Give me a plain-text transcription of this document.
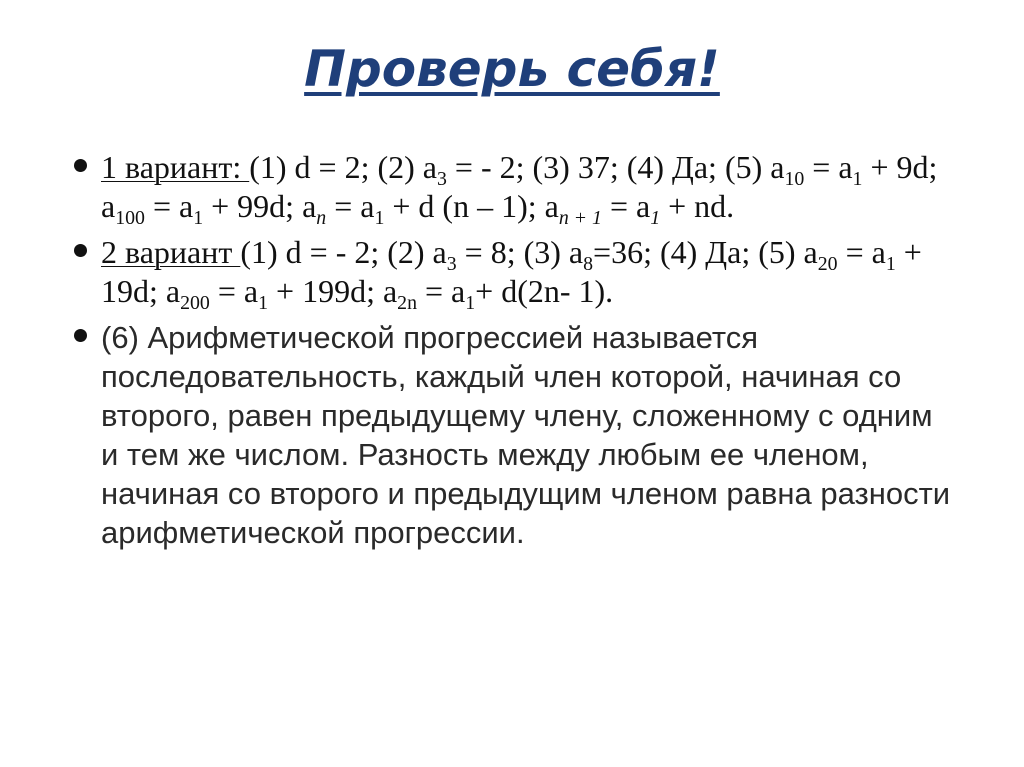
Проверь себя!
1 вариант: (1) d = 2; (2) $a_3$ = - 2; (3) 37; (4) Да; (5) $a_{10} = a_1 + 9d$; $a_{100} = a_1 + 99d$; $a_n = a_1 + d$ (n – 1); $a_{n + 1} = a_1$ + nd.
2 вариант (1) d = - 2; (2) $a_3 = 8$; (3) $a_8=36$; (4) Да; (5) $a_{20} = a_1 + 19d$; $a_{200} = a_1 + 199d$; $a_{2n} = a_1+ d(2n-$ 1).
(6) Арифметической прогрессией называется последовательность, каждый член которой, начиная со второго, равен предыдущему члену, сложенному с одним и тем же числом. Разность между любым ее членом, начиная со второго и предыдущим членом равна разности арифметической прогрессии.
